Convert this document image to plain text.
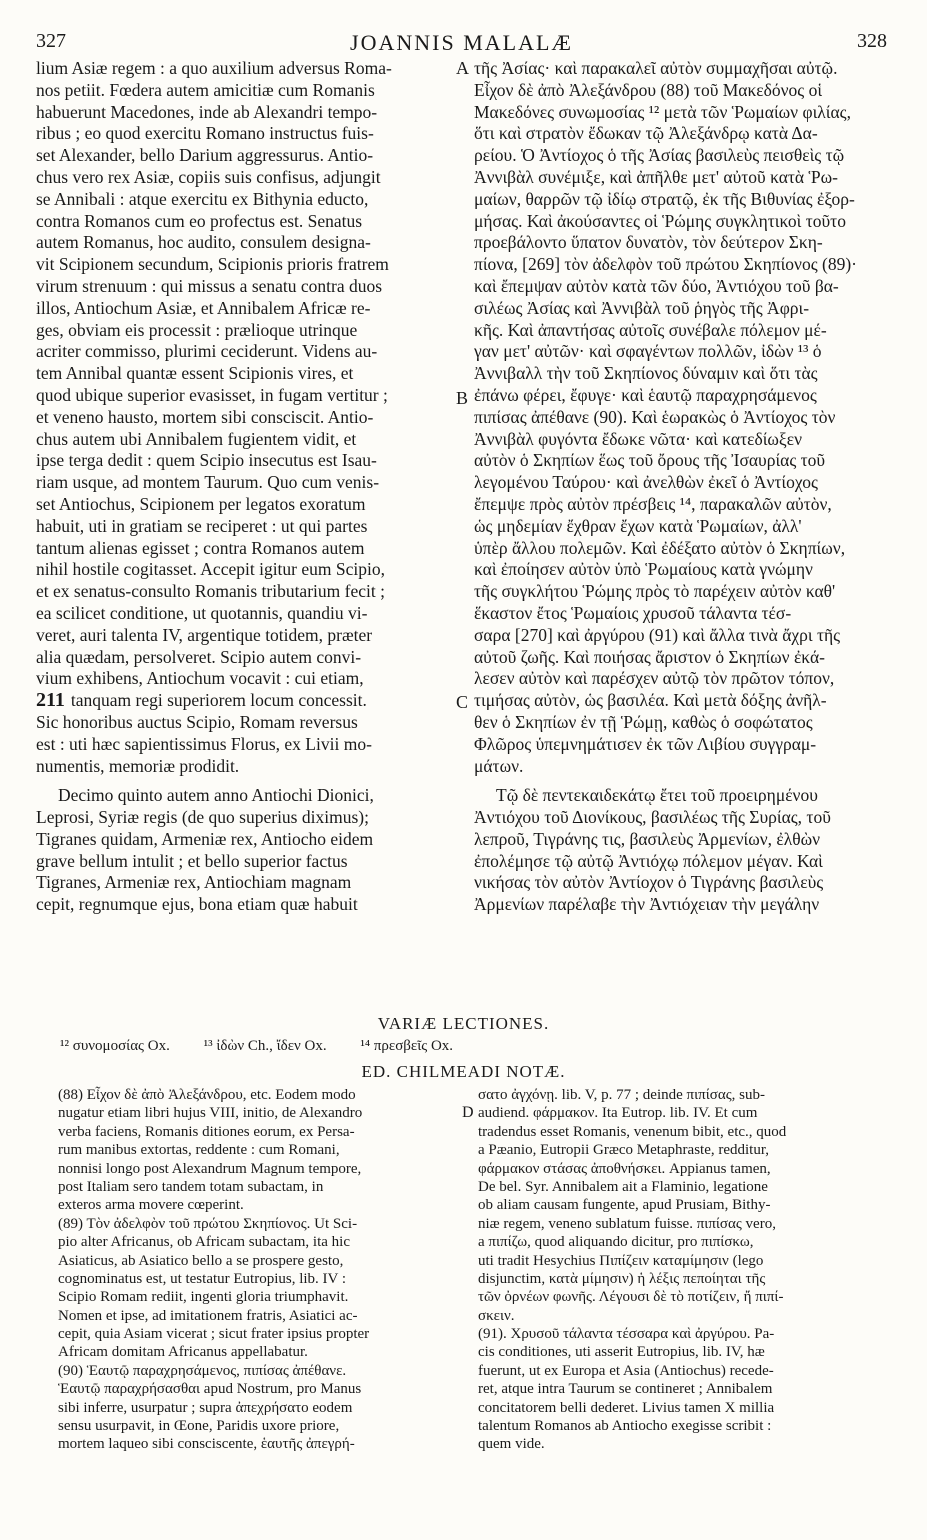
327	JOANNIS MALALÆ	328
lium Asiæ regem : a quo auxilium adversus Roma-
nos petiit. Fœdera autem amicitiæ cum Romanis
habuerunt Macedones, inde ab Alexandri tempo-
ribus ; eo quod exercitu Romano instructus fuis-
set Alexander, bello Darium aggressurus. Antio-
chus vero rex Asiæ, copiis suis confisus, adjungit
se Annibali : atque exercitu ex Bithynia educto,
contra Romanos cum eo profectus est. Senatus
autem Romanus, hoc audito, consulem designa-
vit Scipionem secundum, Scipionis prioris fratrem
virum strenuum : qui missus a senatu contra duos
illos, Antiochum Asiæ, et Annibalem Africæ re-
ges, obviam eis processit : prælioque utrinque
acriter commisso, plurimi ceciderunt. Videns au-
tem Annibal quantæ essent Scipionis vires, et
quod ubique superior evasisset, in fugam vertitur ;
et veneno hausto, mortem sibi consciscit. Antio-
chus autem ubi Annibalem fugientem vidit, et
ipse terga dedit : quem Scipio insecutus est Isau-
riam usque, ad montem Taurum. Quo cum venis-
set Antiochus, Scipionem per legatos exoratum
habuit, uti in gratiam se reciperet : ut qui partes
tantum alienas egisset ; contra Romanos autem
nihil hostile cogitasset. Accepit igitur eum Scipio,
et ex senatus-consulto Romanis tributarium fecit ;
ea scilicet conditione, ut quotannis, quandiu vi-
veret, auri talenta IV, argentique totidem, præter
alia quædam, persolveret. Scipio autem convi-
vium exhibens, Antiochum vocavit : cui etiam,
211 tanquam regi superiorem locum concessit.
Sic honoribus auctus Scipio, Romam reversus
est : uti hæc sapientissimus Florus, ex Livii mo-
numentis, memoriæ prodidit.
Decimo quinto autem anno Antiochi Dionici,
Leprosi, Syriæ regis (de quo superius diximus);
Tigranes quidam, Armeniæ rex, Antiocho eidem
grave bellum intulit ; et bello superior factus
Tigranes, Armeniæ rex, Antiochiam magnam
cepit, regnumque ejus, bona etiam quæ habuit
τῆς Ἀσίας· καὶ παρακαλεῖ αὐτὸν συμμαχῆσαι αὐτῷ.
Εἶχον δὲ ἀπὸ Ἀλεξάνδρου (88) τοῦ Μακεδόνος οἱ
Μακεδόνες συνωμοσίας ¹² μετὰ τῶν Ῥωμαίων φιλίας,
ὅτι καὶ στρατὸν ἔδωκαν τῷ Ἀλεξάνδρῳ κατὰ Δα-
ρείου. Ὁ Ἀντίοχος ὁ τῆς Ἀσίας βασιλεὺς πεισθεὶς τῷ
Ἀννιβὰλ συνέμιξε, καὶ ἀπῆλθε μετ' αὐτοῦ κατὰ Ῥω-
μαίων, θαρρῶν τῷ ἰδίῳ στρατῷ, ἐκ τῆς Βιθυνίας ἐξορ-
μήσας. Καὶ ἀκούσαντες οἱ Ῥώμης συγκλητικοὶ τοῦτο
προεβάλοντο ὕπατον δυνατὸν, τὸν δεύτερον Σκη-
πίονα, [269] τὸν ἀδελφὸν τοῦ πρώτου Σκηπίονος (89)·
καὶ ἔπεμψαν αὐτὸν κατὰ τῶν δύο, Ἀντιόχου τοῦ βα-
σιλέως Ἀσίας καὶ Ἀννιβὰλ τοῦ ῥηγὸς τῆς Ἀφρι-
κῆς. Καὶ ἀπαντήσας αὐτοῖς συνέβαλε πόλεμον μέ-
γαν μετ' αὐτῶν· καὶ σφαγέντων πολλῶν, ἰδὼν ¹³ ὁ
Ἀννιβαλλ τὴν τοῦ Σκηπίονος δύναμιν καὶ ὅτι τὰς
ἐπάνω φέρει, ἔφυγε· καὶ ἑαυτῷ παραχρησάμενος
πιπίσας ἀπέθανε (90). Καὶ ἑωρακὼς ὁ Ἀντίοχος τὸν
Ἀννιβὰλ φυγόντα ἔδωκε νῶτα· καὶ κατεδίωξεν
αὐτὸν ὁ Σκηπίων ἕως τοῦ ὄρους τῆς Ἰσαυρίας τοῦ
λεγομένου Ταύρου· καὶ ἀνελθὼν ἐκεῖ ὁ Ἀντίοχος
ἔπεμψε πρὸς αὐτὸν πρέσβεις ¹⁴, παρακαλῶν αὐτὸν,
ὡς μηδεμίαν ἔχθραν ἔχων κατὰ Ῥωμαίων, ἀλλ'
ὑπὲρ ἄλλου πολεμῶν. Καὶ ἐδέξατο αὐτὸν ὁ Σκηπίων,
καὶ ἐποίησεν αὐτὸν ὑπὸ Ῥωμαίους κατὰ γνώμην
τῆς συγκλήτου Ῥώμης πρὸς τὸ παρέχειν αὐτὸν καθ'
ἕκαστον ἔτος Ῥωμαίοις χρυσοῦ τάλαντα τέσ-
σαρα [270] καὶ ἀργύρου (91) καὶ ἄλλα τινὰ ἄχρι τῆς
αὐτοῦ ζωῆς. Καὶ ποιήσας ἄριστον ὁ Σκηπίων ἐκά-
λεσεν αὐτὸν καὶ παρέσχεν αὐτῷ τὸν πρῶτον τόπον,
τιμήσας αὐτὸν, ὡς βασιλέα. Καὶ μετὰ δόξης ἀνῆλ-
θεν ὁ Σκηπίων ἐν τῇ Ῥώμῃ, καθὼς ὁ σοφώτατος
Φλῶρος ὑπεμνημάτισεν ἐκ τῶν Λιβίου συγγραμ-
μάτων.
Τῷ δὲ πεντεκαιδεκάτῳ ἔτει τοῦ προειρημένου
Ἀντιόχου τοῦ Διονίκους, βασιλέως τῆς Συρίας, τοῦ
λεπροῦ, Τιγράνης τις, βασιλεὺς Ἀρμενίων, ἐλθὼν
ἐπολέμησε τῷ αὐτῷ Ἀντιόχῳ πόλεμον μέγαν. Καὶ
νικήσας τὸν αὐτὸν Ἀντίοχον ὁ Τιγράνης βασιλεὺς
Ἀρμενίων παρέλαβε τὴν Ἀντιόχειαν τὴν μεγάλην
A
B
C
VARIÆ LECTIONES.
¹² συνομοσίας Ox. ¹³ ἰδὼν Ch., ἴδεν Ox. ¹⁴ πρεσβεῖς Ox.
ED. CHILMEADI NOTÆ.
D
(88) Εἶχον δὲ ἀπὸ Ἀλεξάνδρου, etc. Eodem modo
nugatur etiam libri hujus VIII, initio, de Alexandro
verba faciens, Romanis ditiones eorum, ex Persa-
rum manibus extortas, reddente : cum Romani,
nonnisi longo post Alexandrum Magnum tempore,
post Italiam sero tandem totam subactam, in
exteros arma movere cœperint.
(89) Τὸν ἀδελφὸν τοῦ πρώτου Σκηπίονος. Ut Sci-
pio alter Africanus, ob Africam subactam, ita hic
Asiaticus, ab Asiatico bello a se prospere gesto,
cognominatus est, ut testatur Eutropius, lib. IV :
Scipio Romam rediit, ingenti gloria triumphavit.
Nomen et ipse, ad imitationem fratris, Asiatici ac-
cepit, quia Asiam vicerat ; sicut frater ipsius propter
Africam domitam Africanus appellabatur.
(90) Ἑαυτῷ παραχρησάμενος, πιπίσας ἀπέθανε.
Ἑαυτῷ παραχρήσασθαι apud Nostrum, pro Manus
sibi inferre, usurpatur ; supra ἀπεχρήσατο eodem
sensu usurpavit, in Œone, Paridis uxore priore,
mortem laqueo sibi consciscente, ἑαυτῆς ἀπεγρή-
σατο ἀγχόνῃ. lib. V, p. 77 ; deinde πιπίσας, sub-
audiend. φάρμακον. Ita Eutrop. lib. IV. Et cum
tradendus esset Romanis, venenum bibit, etc., quod
a Pæanio, Eutropii Græco Metaphraste, redditur,
φάρμακον στάσας ἀποθνήσκει. Appianus tamen,
De bel. Syr. Annibalem ait a Flaminio, legatione
ob aliam causam fungente, apud Prusiam, Bithy-
niæ regem, veneno sublatum fuisse. πιπίσας vero,
a πιπίζω, quod aliquando dicitur, pro πιπίσκω,
uti tradit Hesychius Πιπίζειν καταμίμησιν (lego
disjunctim, κατὰ μίμησιν) ἡ λέξις πεποίηται τῆς
τῶν ὀρνέων φωνῆς. Λέγουσι δὲ τὸ ποτίζειν, ἤ πιπί-
σκειν.
(91). Χρυσοῦ τάλαντα τέσσαρα καὶ ἀργύρου. Pa-
cis conditiones, uti asserit Eutropius, lib. IV, hæ
fuerunt, ut ex Europa et Asia (Antiochus) recede-
ret, atque intra Taurum se contineret ; Annibalem
concitatorem belli dederet. Livius tamen X millia
talentum Romanos ab Antiocho exegisse scribit :
quem vide.
